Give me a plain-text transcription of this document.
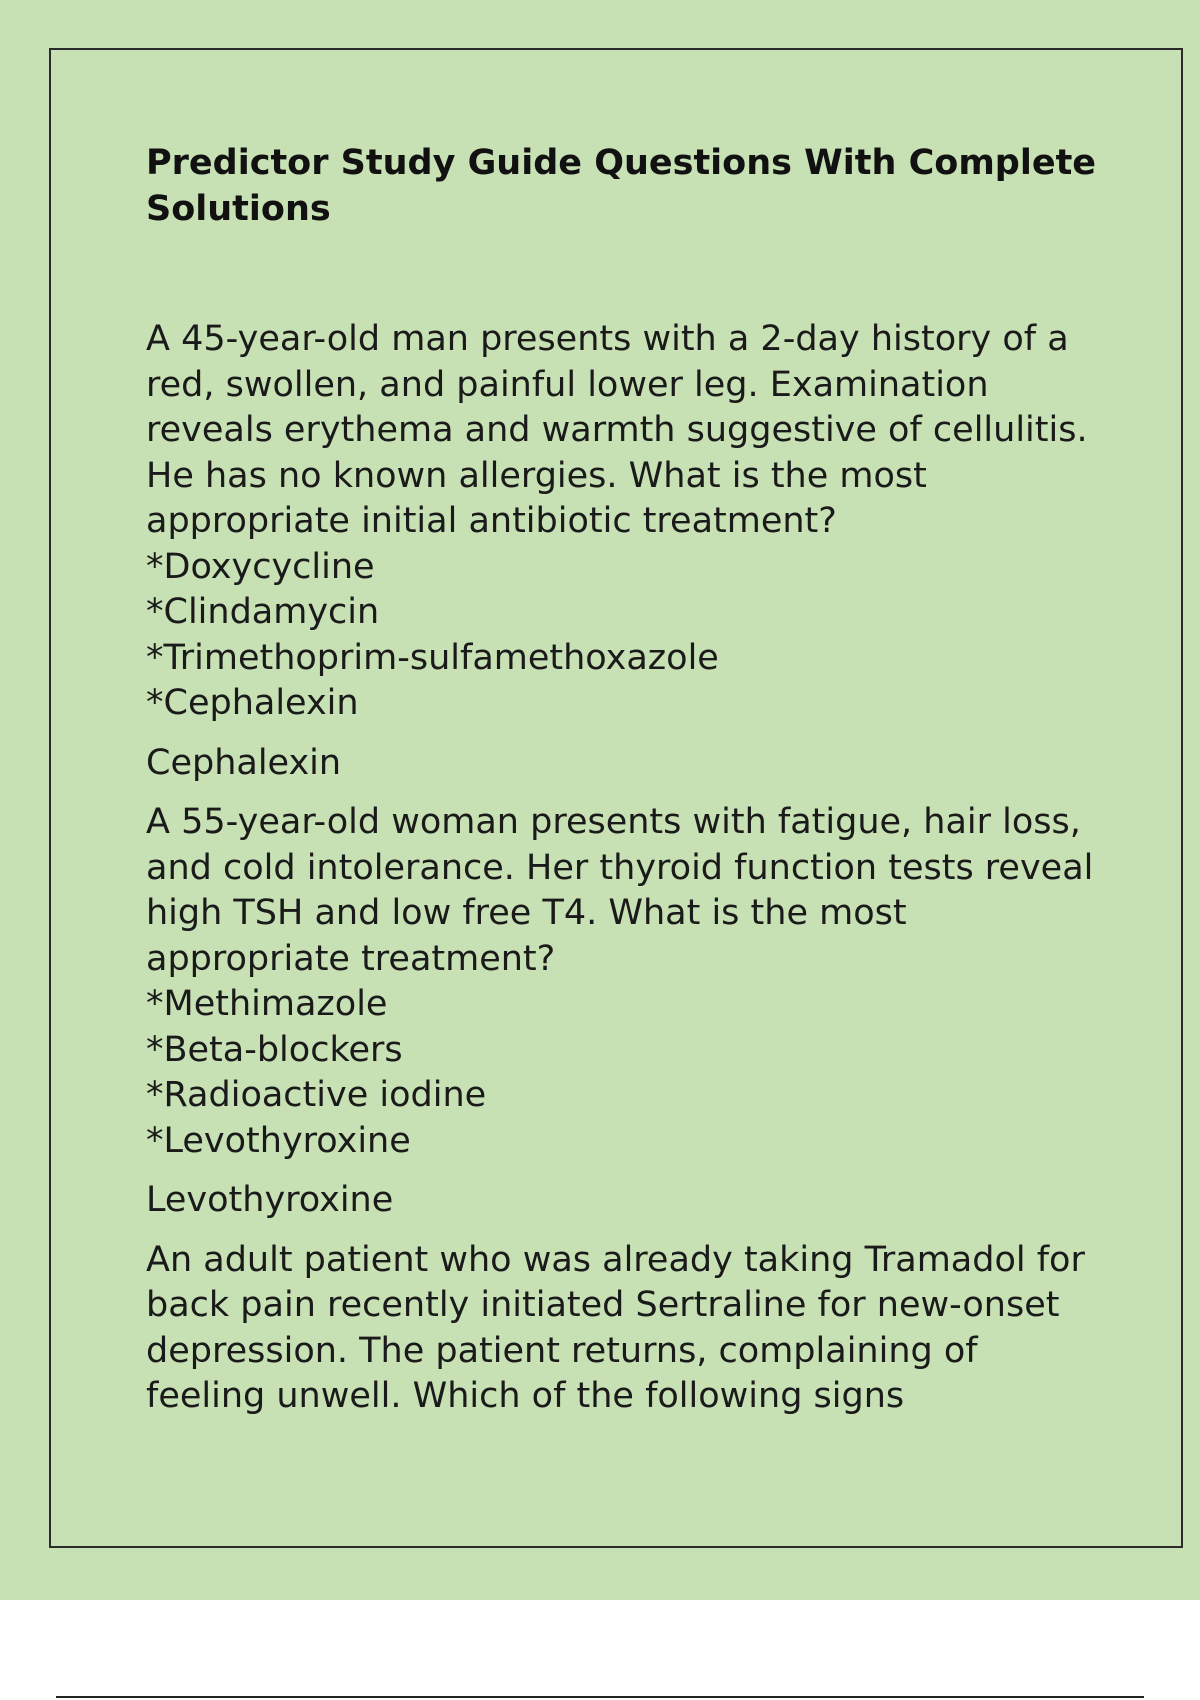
Predictor Study Guide Questions With Complete Solutions

A 45-year-old man presents with a 2-day history of a red, swollen, and painful lower leg. Examination reveals erythema and warmth suggestive of cellulitis. He has no known allergies. What is the most appropriate initial antibiotic treatment?

*Doxycycline
*Clindamycin
*Trimethoprim-sulfamethoxazole
*Cephalexin

Cephalexin

A 55-year-old woman presents with fatigue, hair loss, and cold intolerance. Her thyroid function tests reveal high TSH and low free T4. What is the most appropriate treatment?

*Methimazole
*Beta-blockers
*Radioactive iodine
*Levothyroxine

Levothyroxine

An adult patient who was already taking Tramadol for back pain recently initiated Sertraline for new-onset depression. The patient returns, complaining of feeling unwell. Which of the following signs
